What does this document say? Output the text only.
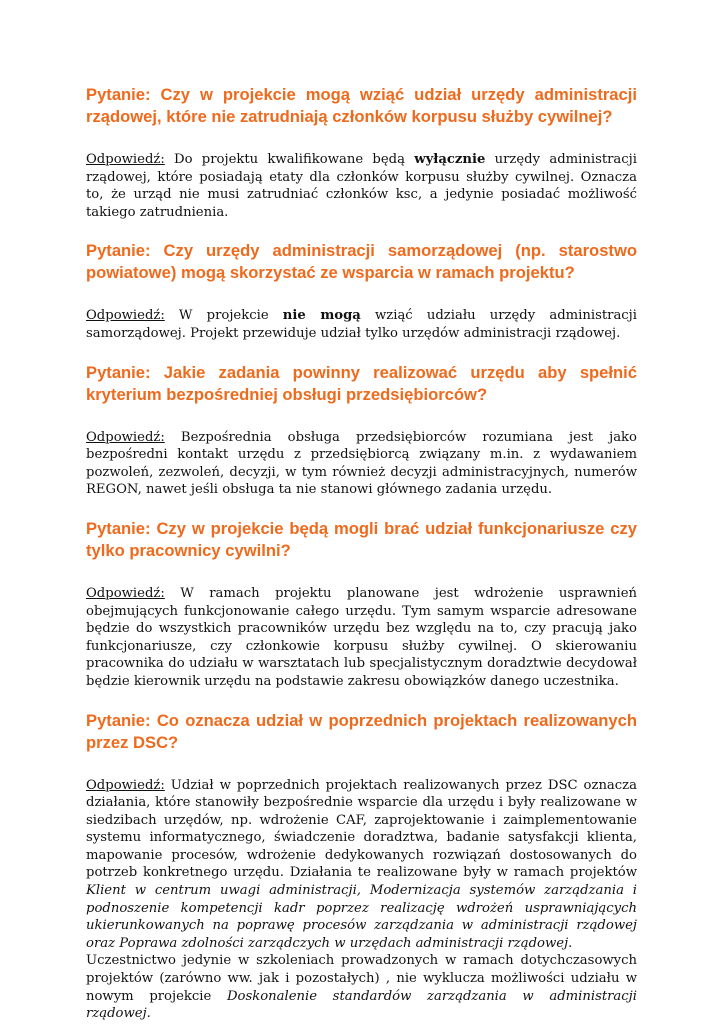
Pytanie: Czy w projekcie mogą wziąć udział urzędy administracji rządowej, które nie zatrudniają członków korpusu służby cywilnej?

Odpowiedź: Do projektu kwalifikowane będą wyłącznie urzędy administracji rządowej, które posiadają etaty dla członków korpusu służby cywilnej. Oznacza to, że urząd nie musi zatrudniać członków ksc, a jedynie posiadać możliwość takiego zatrudnienia.

Pytanie: Czy urzędy administracji samorządowej (np. starostwo powiatowe) mogą skorzystać ze wsparcia w ramach projektu?

Odpowiedź: W projekcie nie mogą wziąć udziału urzędy administracji samorządowej. Projekt przewiduje udział tylko urzędów administracji rządowej.

Pytanie: Jakie zadania powinny realizować urzędu aby spełnić kryterium bezpośredniej obsługi przedsiębiorców?

Odpowiedź: Bezpośrednia obsługa przedsiębiorców rozumiana jest jako bezpośredni kontakt urzędu z przedsiębiorcą związany m.in. z wydawaniem pozwoleń, zezwoleń, decyzji, w tym również decyzji administracyjnych, numerów REGON, nawet jeśli obsługa ta nie stanowi głównego zadania urzędu.

Pytanie: Czy w projekcie będą mogli brać udział funkcjonariusze czy tylko pracownicy cywilni?

Odpowiedź: W ramach projektu planowane jest wdrożenie usprawnień obejmujących funkcjonowanie całego urzędu. Tym samym wsparcie adresowane będzie do wszystkich pracowników urzędu bez względu na to, czy pracują jako funkcjonariusze, czy członkowie korpusu służby cywilnej. O skierowaniu pracownika do udziału w warsztatach lub specjalistycznym doradztwie decydował będzie kierownik urzędu na podstawie zakresu obowiązków danego uczestnika.

Pytanie: Co oznacza udział w poprzednich projektach realizowanych przez DSC?

Odpowiedź: Udział w poprzednich projektach realizowanych przez DSC oznacza działania, które stanowiły bezpośrednie wsparcie dla urzędu i były realizowane w siedzibach urzędów, np. wdrożenie CAF, zaprojektowanie i zaimplementowanie systemu informatycznego, świadczenie doradztwa, badanie satysfakcji klienta, mapowanie procesów, wdrożenie dedykowanych rozwiązań dostosowanych do potrzeb konkretnego urzędu. Działania te realizowane były w ramach projektów Klient w centrum uwagi administracji, Modernizacja systemów zarządzania i podnoszenie kompetencji kadr poprzez realizację wdrożeń usprawniających ukierunkowanych na poprawę procesów zarządzania w administracji rządowej oraz Poprawa zdolności zarządczych w urzędach administracji rządowej.

Uczestnictwo jedynie w szkoleniach prowadzonych w ramach dotychczasowych projektów (zarówno ww. jak i pozostałych) , nie wyklucza możliwości udziału w nowym projekcie Doskonalenie standardów zarządzania w administracji rządowej.
